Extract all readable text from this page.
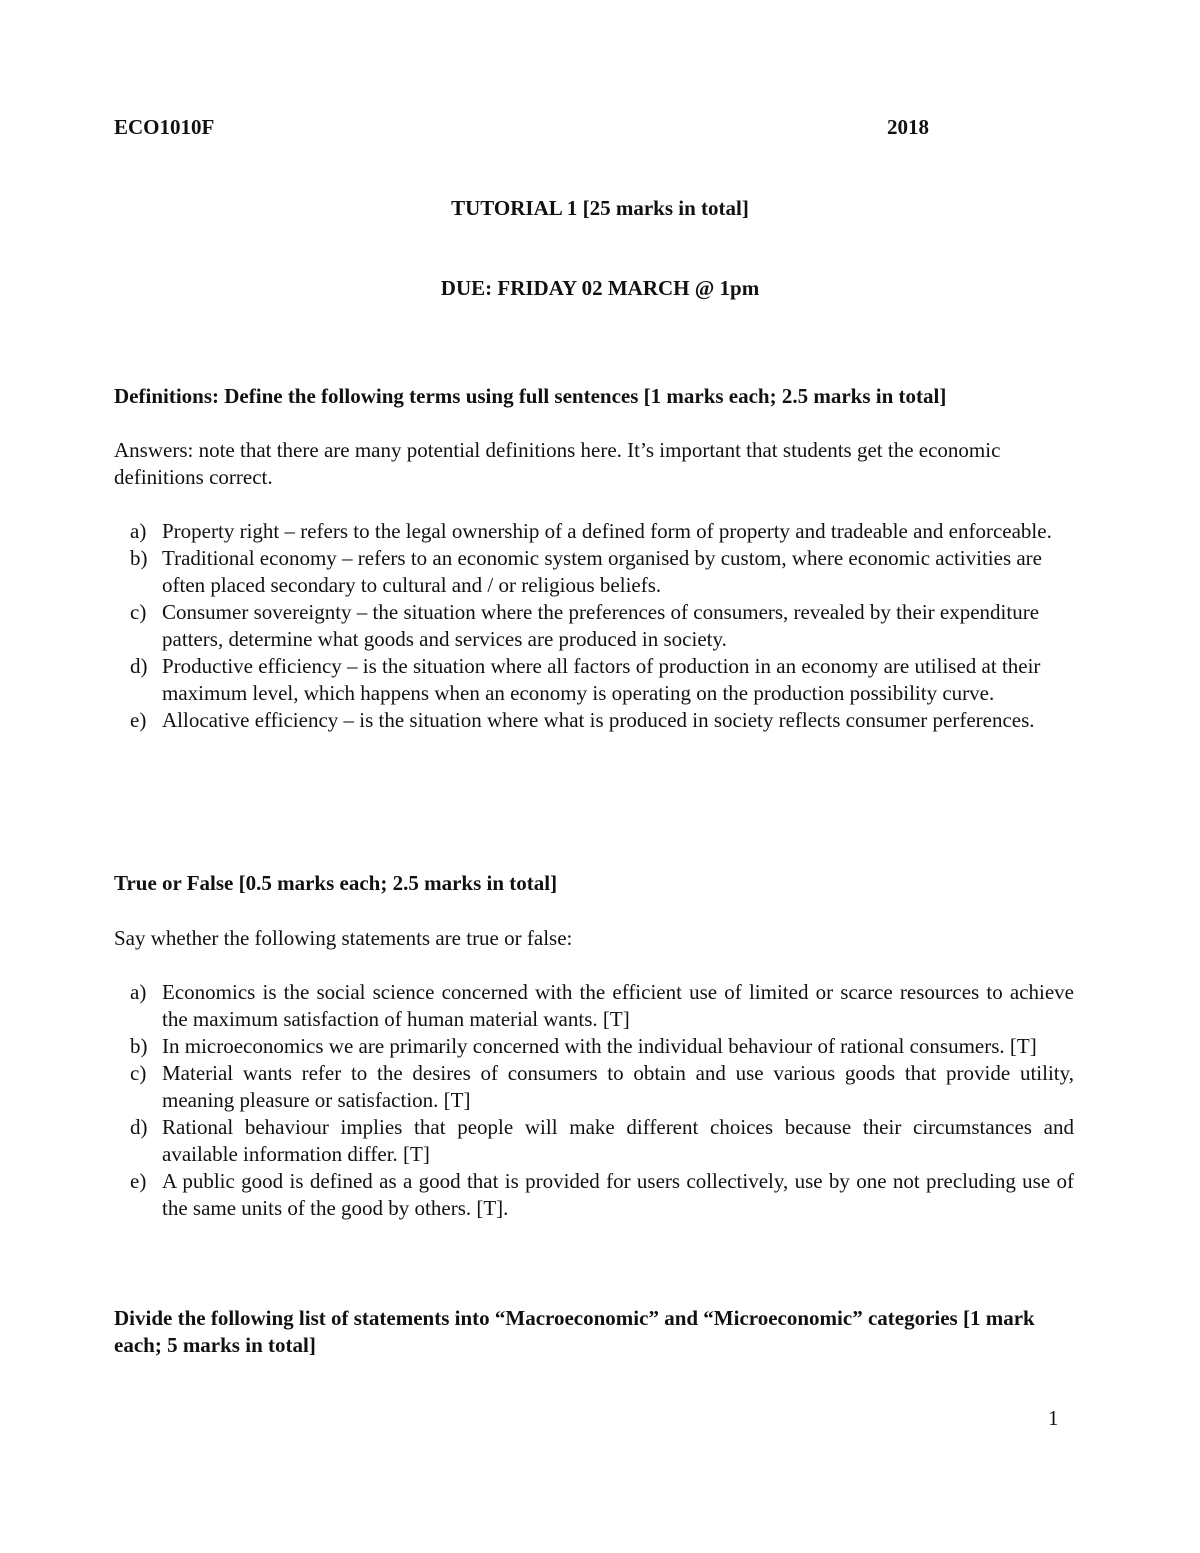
ECO1010F	2018
TUTORIAL 1 [25 marks in total]
DUE: FRIDAY 02 MARCH @ 1pm
Definitions: Define the following terms using full sentences [1 marks each; 2.5 marks in total]
Answers: note that there are many potential definitions here. It’s important that students get the economic definitions correct.
a) Property right – refers to the legal ownership of a defined form of property and tradeable and enforceable.
b) Traditional economy – refers to an economic system organised by custom, where economic activities are often placed secondary to cultural and / or religious beliefs.
c) Consumer sovereignty – the situation where the preferences of consumers, revealed by their expenditure patters, determine what goods and services are produced in society.
d) Productive efficiency – is the situation where all factors of production in an economy are utilised at their maximum level, which happens when an economy is operating on the production possibility curve.
e) Allocative efficiency – is the situation where what is produced in society reflects consumer perferences.
True or False [0.5 marks each; 2.5 marks in total]
Say whether the following statements are true or false:
a) Economics is the social science concerned with the efficient use of limited or scarce resources to achieve the maximum satisfaction of human material wants. [T]
b) In microeconomics we are primarily concerned with the individual behaviour of rational consumers. [T]
c) Material wants refer to the desires of consumers to obtain and use various goods that provide utility, meaning pleasure or satisfaction. [T]
d) Rational behaviour implies that people will make different choices because their circumstances and available information differ. [T]
e) A public good is defined as a good that is provided for users collectively, use by one not precluding use of the same units of the good by others. [T].
Divide the following list of statements into “Macroeconomic” and “Microeconomic” categories [1 mark each; 5 marks in total]
1
